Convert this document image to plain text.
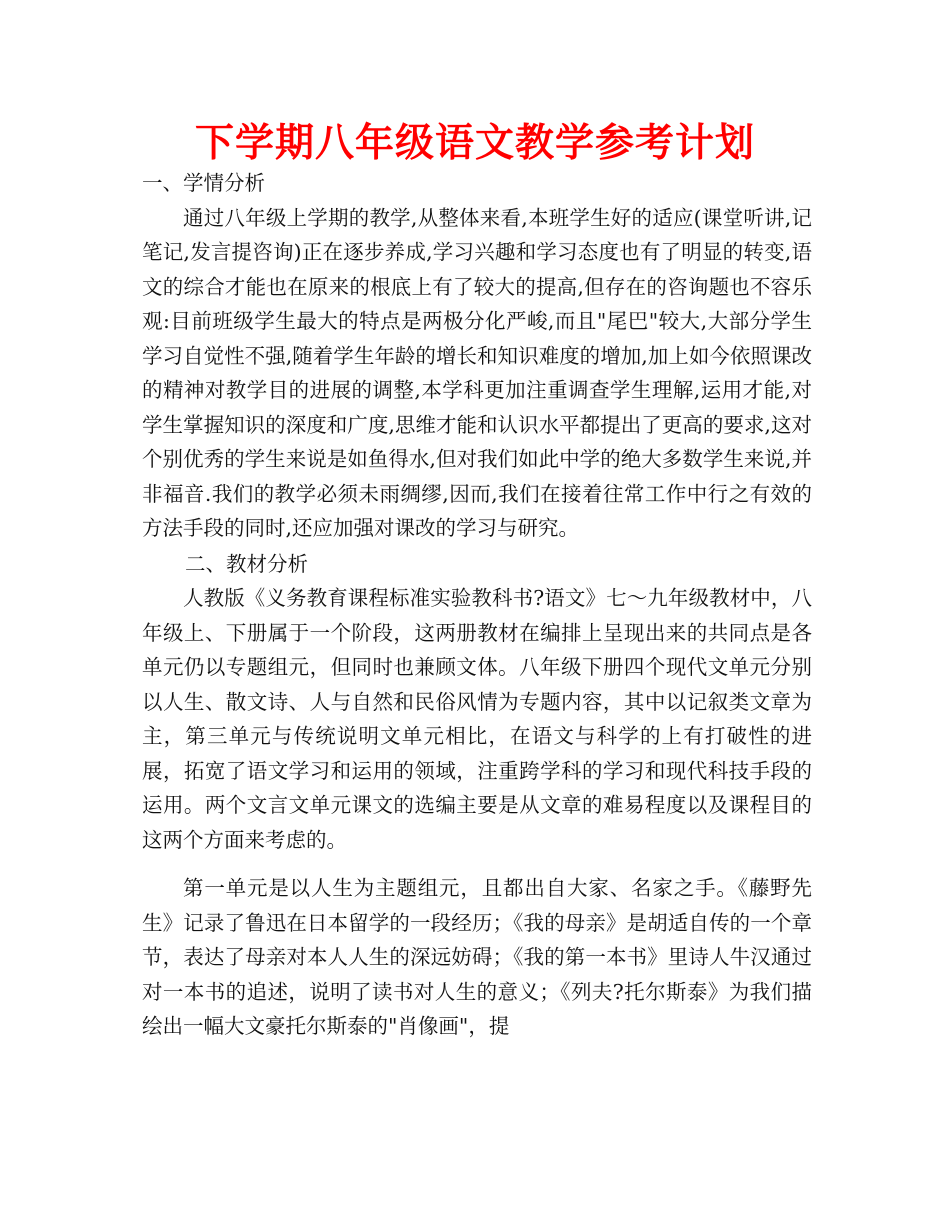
下学期八年级语文教学参考计划
一、学情分析

通过八年级上学期的教学,从整体来看,本班学生好的适应(课堂听讲,记笔记,发言提咨询)正在逐步养成,学习兴趣和学习态度也有了明显的转变,语文的综合才能也在原来的根底上有了较大的提高,但存在的咨询题也不容乐观:目前班级学生最大的特点是两极分化严峻,而且"尾巴"较大,大部分学生学习自觉性不强,随着学生年龄的增长和知识难度的增加,加上如今依照课改的精神对教学目的进展的调整,本学科更加注重调查学生理解,运用才能,对学生掌握知识的深度和广度,思维才能和认识水平都提出了更高的要求,这对个别优秀的学生来说是如鱼得水,但对我们如此中学的绝大多数学生来说,并非福音.我们的教学必须未雨绸缪,因而,我们在接着往常工作中行之有效的方法手段的同时,还应加强对课改的学习与研究。

二、教材分析

人教版《义务教育课程标准实验教科书?语文》七～九年级教材中，八年级上、下册属于一个阶段，这两册教材在编排上呈现出来的共同点是各单元仍以专题组元，但同时也兼顾文体。八年级下册四个现代文单元分别以人生、散文诗、人与自然和民俗风情为专题内容，其中以记叙类文章为主，第三单元与传统说明文单元相比，在语文与科学的上有打破性的进展，拓宽了语文学习和运用的领域，注重跨学科的学习和现代科技手段的运用。两个文言文单元课文的选编主要是从文章的难易程度以及课程目的这两个方面来考虑的。

第一单元是以人生为主题组元，且都出自大家、名家之手。《藤野先生》记录了鲁迅在日本留学的一段经历；《我的母亲》是胡适自传的一个章节，表达了母亲对本人人生的深远妨碍；《我的第一本书》里诗人牛汉通过对一本书的追述，说明了读书对人生的意义；《列夫?托尔斯泰》为我们描绘出一幅大文豪托尔斯泰的"肖像画"，提
